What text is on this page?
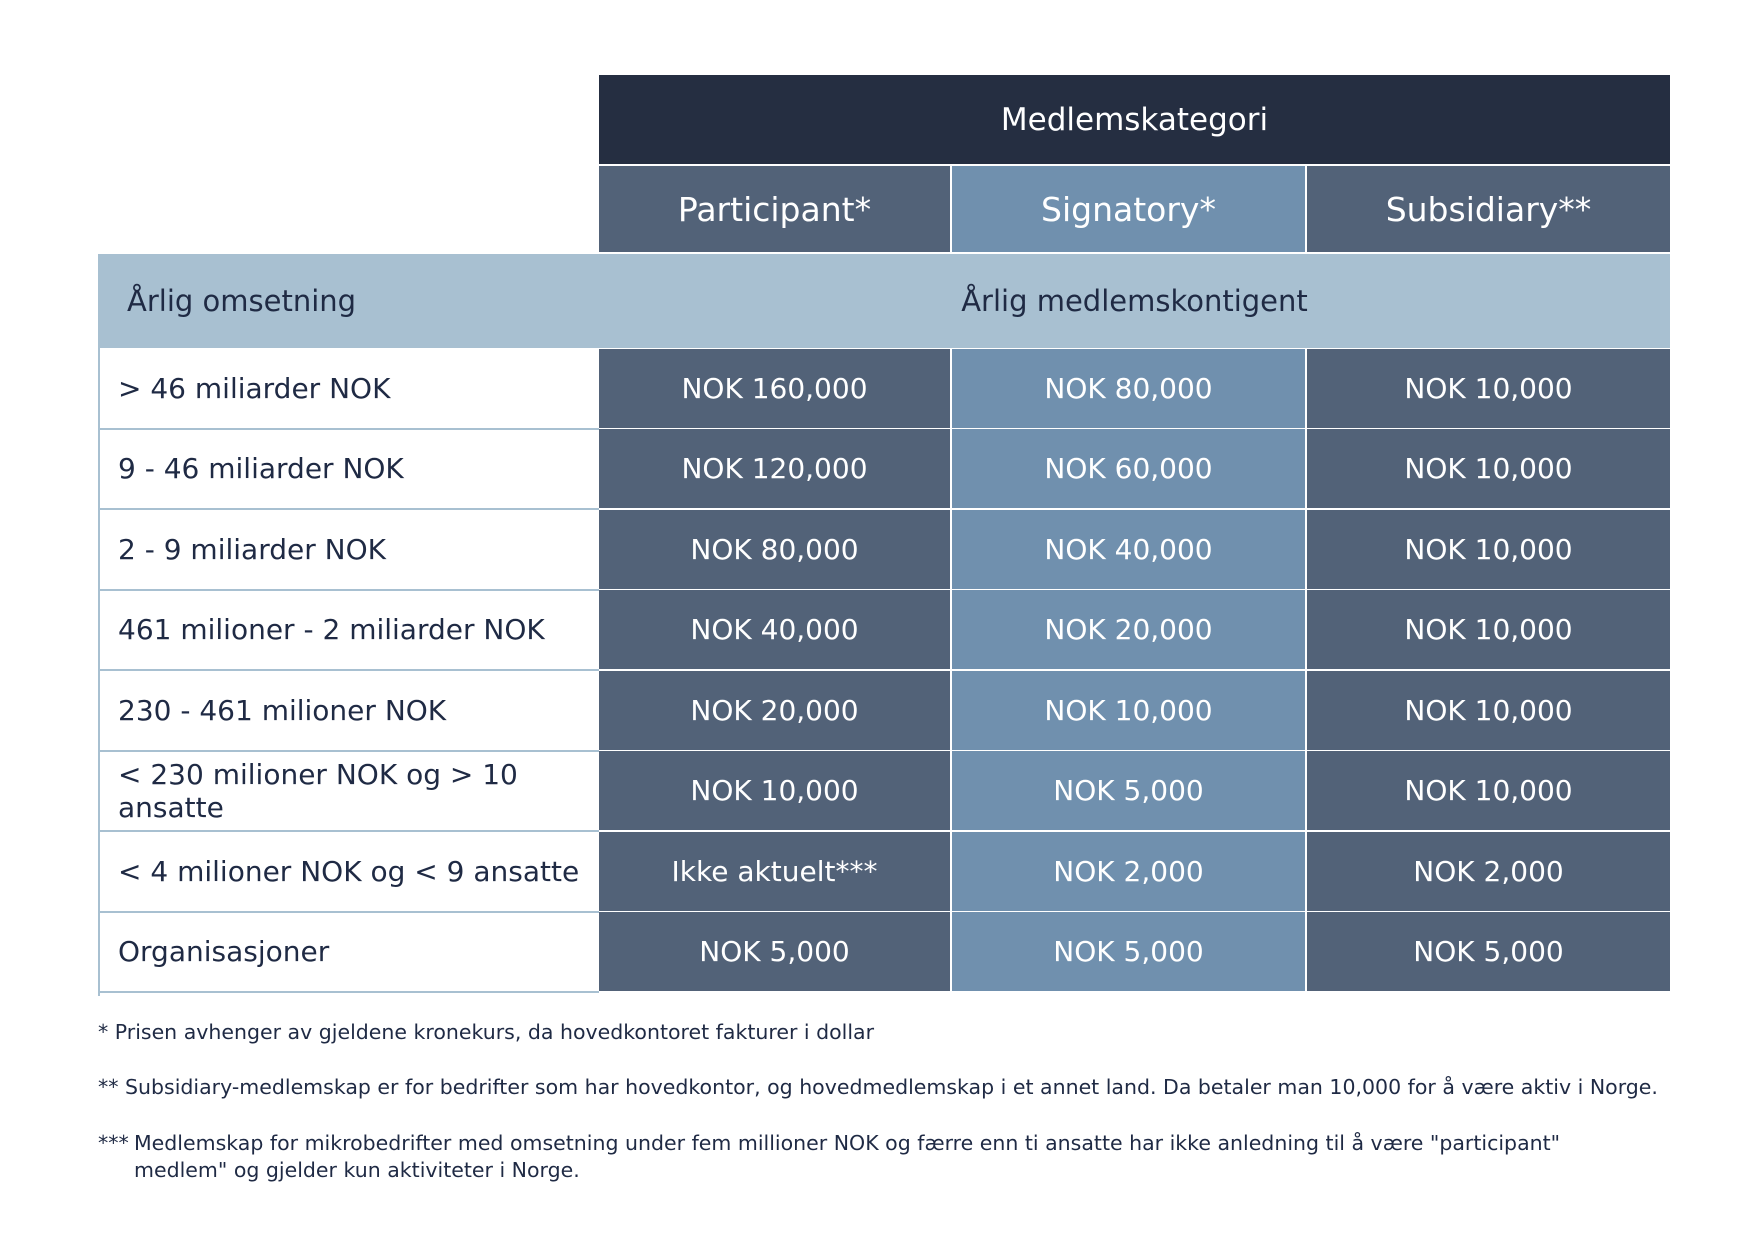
Medlemskategori
Participant*	Signatory*	Subsidiary**
Årlig omsetning	Årlig medlemskontigent
> 46 miliarder NOK	NOK 160,000	NOK 80,000	NOK 10,000
9 - 46 miliarder NOK	NOK 120,000	NOK 60,000	NOK 10,000
2 - 9 miliarder NOK	NOK 80,000	NOK 40,000	NOK 10,000
461 milioner - 2 miliarder NOK	NOK 40,000	NOK 20,000	NOK 10,000
230 - 461 milioner NOK	NOK 20,000	NOK 10,000	NOK 10,000
< 230 milioner NOK og > 10 ansatte	NOK 10,000	NOK 5,000	NOK 10,000
< 4 milioner NOK og < 9 ansatte	Ikke aktuelt***	NOK 2,000	NOK 2,000
Organisasjoner	NOK 5,000	NOK 5,000	NOK 5,000
* Prisen avhenger av gjeldene kronekurs, da hovedkontoret fakturer i dollar
** Subsidiary-medlemskap er for bedrifter som har hovedkontor, og hovedmedlemskap i et annet land. Da betaler man 10,000 for å være aktiv i Norge.
*** Medlemskap for mikrobedrifter med omsetning under fem millioner NOK og færre enn ti ansatte har ikke anledning til å være "participant" medlem" og gjelder kun aktiviteter i Norge.
